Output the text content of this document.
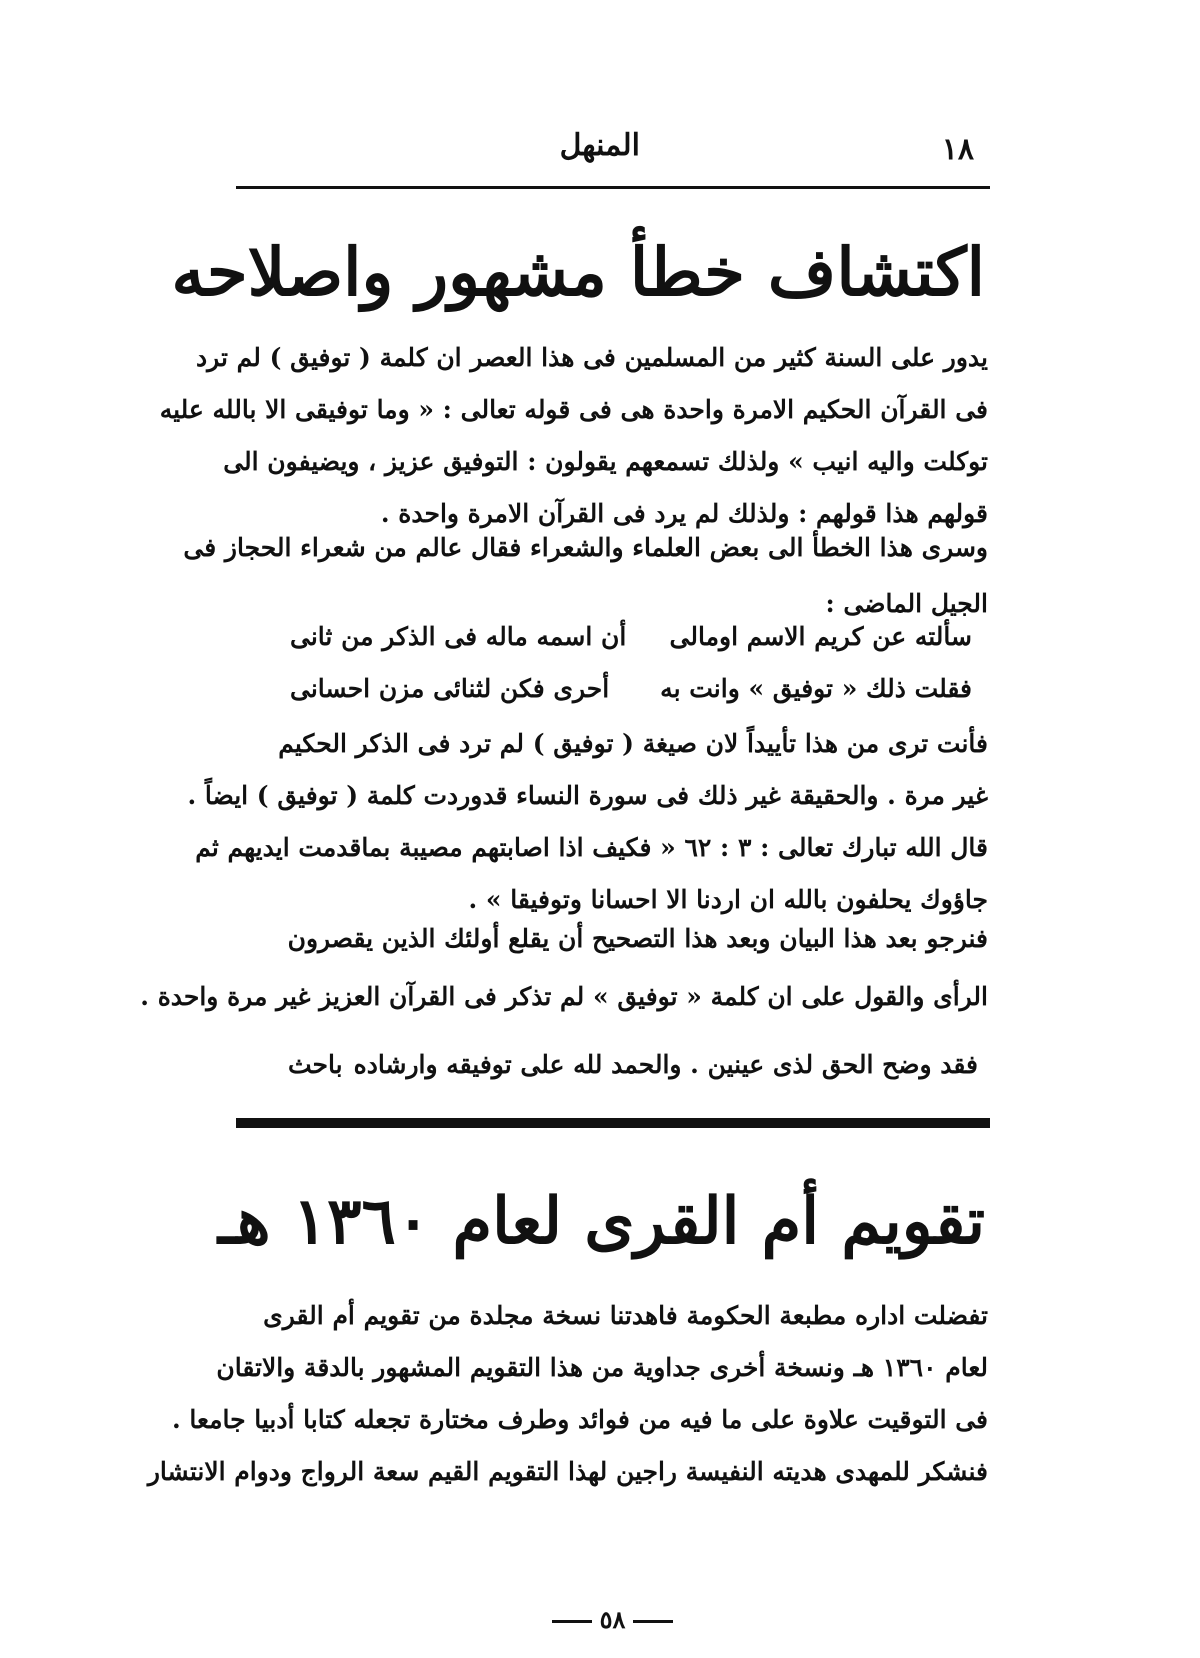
١٨
المنهل
اكتشاف خطأ مشهور واصلاحه
يدور على السنة كثير من المسلمين فى هذا العصر ان كلمة ( توفيق ) لم ترد
فى القرآن الحكيم الامرة واحدة هى فى قوله تعالى : « وما توفيقى الا بالله عليه
توكلت واليه انيب » ولذلك تسمعهم يقولون : التوفيق عزيز ، ويضيفون الى
قولهم هذا قولهم : ولذلك لم يرد فى القرآن الامرة واحدة .
وسرى هذا الخطأ الى بعض العلماء والشعراء فقال عالم من شعراء الحجاز فى
الجيل الماضى :
سألته عن كريم الاسم اومالى
أن اسمه ماله فى الذكر من ثانى
فقلت ذلك « توفيق » وانت به
أحرى فكن لثنائى مزن احسانى
فأنت ترى من هذا تأييداً لان صيغة ( توفيق ) لم ترد فى الذكر الحكيم
غير مرة . والحقيقة غير ذلك فى سورة النساء قدوردت كلمة ( توفيق ) ايضاً .
قال الله تبارك تعالى : ٣ : ٦٢ « فكيف اذا اصابتهم مصيبة بماقدمت ايديهم ثم
جاؤوك يحلفون بالله ان اردنا الا احسانا وتوفيقا » .
فنرجو بعد هذا البيان وبعد هذا التصحيح أن يقلع أولئك الذين يقصرون
الرأى والقول على ان كلمة « توفيق » لم تذكر فى القرآن العزيز غير مرة واحدة .
فقد وضح الحق لذى عينين . والحمد لله على توفيقه وارشاده
باحث
تقويم أم القرى لعام ١٣٦٠ هـ
تفضلت اداره مطبعة الحكومة فاهدتنا نسخة مجلدة من تقويم أم القرى
لعام ١٣٦٠ هـ ونسخة أخرى جداوية من هذا التقويم المشهور بالدقة والاتقان
فى التوقيت علاوة على ما فيه من فوائد وطرف مختارة تجعله كتابا أدبيا جامعا .
فنشكر للمهدى هديته النفيسة راجين لهذا التقويم القيم سعة الرواج ودوام الانتشار
٥٨
